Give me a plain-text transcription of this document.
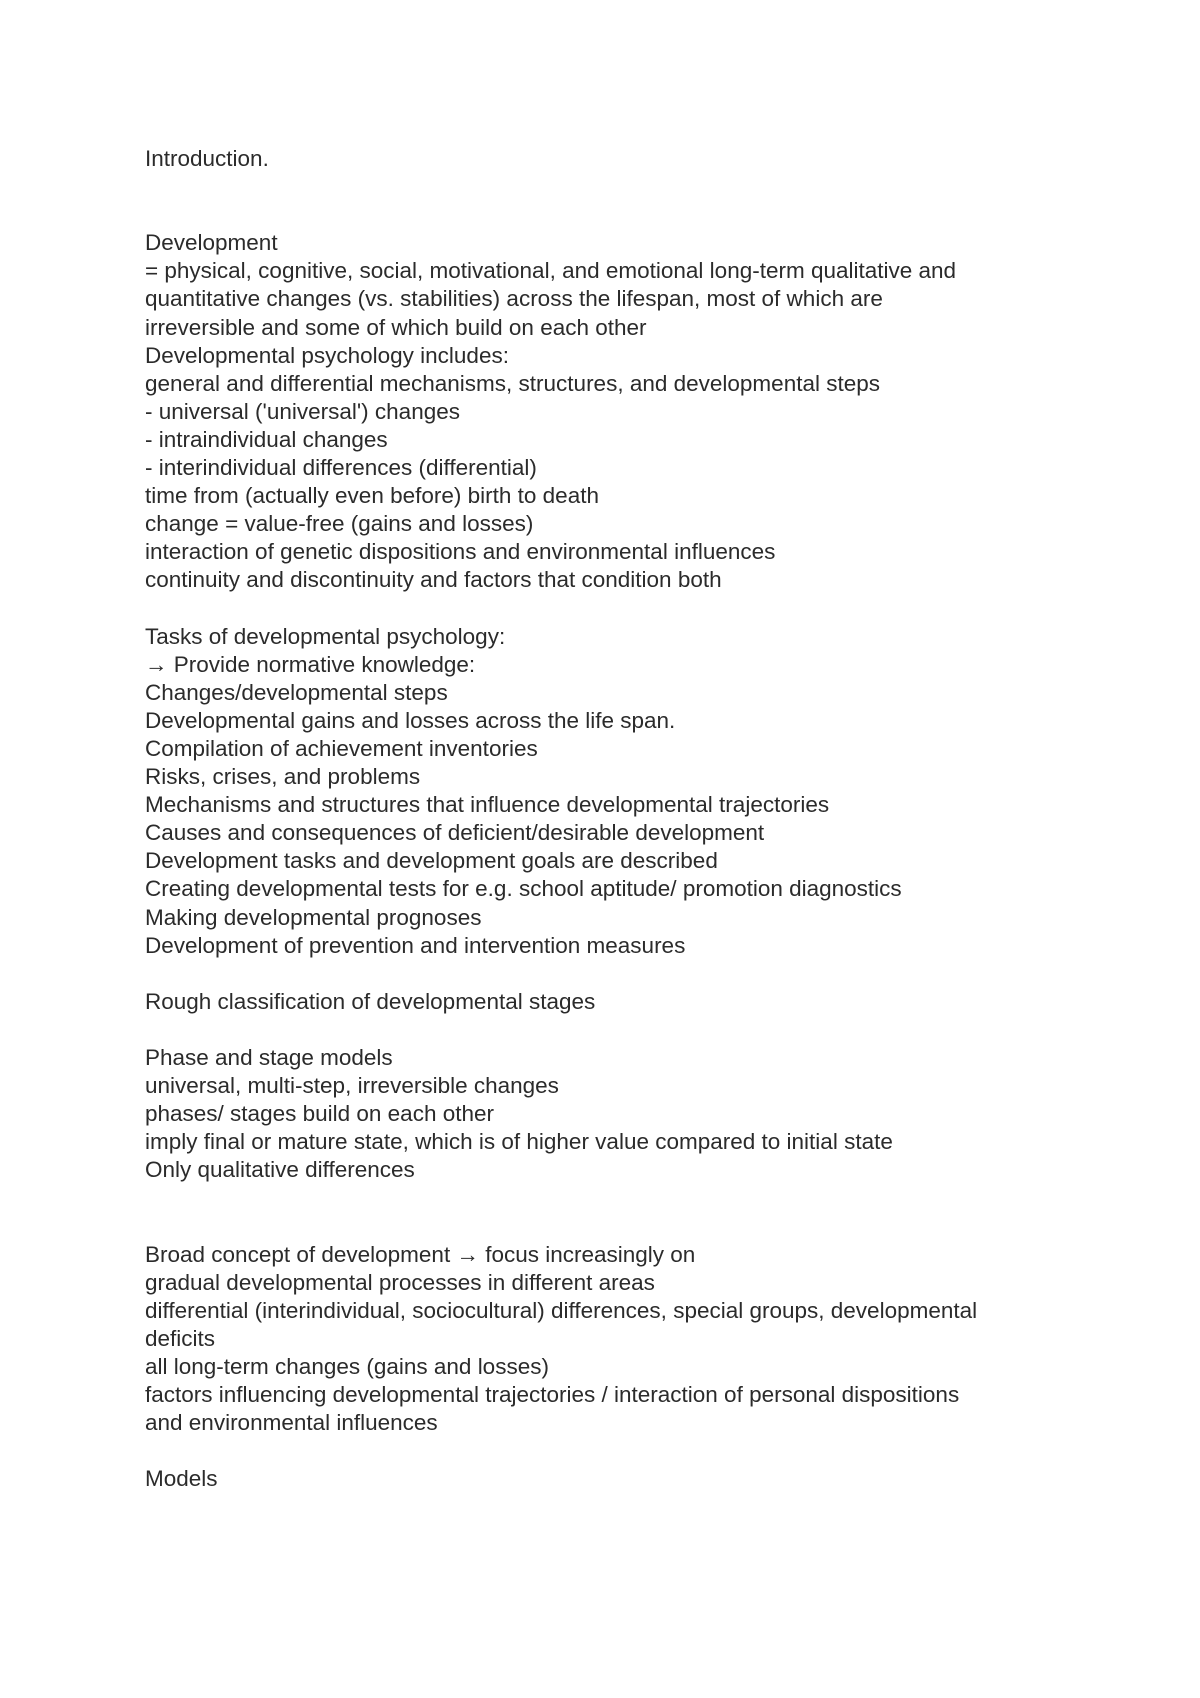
Introduction.

Development

= physical, cognitive, social, motivational, and emotional long-term qualitative and

quantitative changes (vs. stabilities) across the lifespan, most of which are

irreversible and some of which build on each other

Developmental psychology includes:

general and differential mechanisms, structures, and developmental steps

- universal ('universal') changes

- intraindividual changes

- interindividual differences (differential)

time from (actually even before) birth to death

change = value-free (gains and losses)

interaction of genetic dispositions and environmental influences

continuity and discontinuity and factors that condition both

Tasks of developmental psychology:

→ Provide normative knowledge:

Changes/developmental steps

Developmental gains and losses across the life span.

Compilation of achievement inventories

Risks, crises, and problems

Mechanisms and structures that influence developmental trajectories

Causes and consequences of deficient/desirable development

Development tasks and development goals are described

Creating developmental tests for e.g. school aptitude/ promotion diagnostics

Making developmental prognoses

Development of prevention and intervention measures

Rough classification of developmental stages

Phase and stage models

universal, multi-step, irreversible changes

phases/ stages build on each other

imply final or mature state, which is of higher value compared to initial state

Only qualitative differences

Broad concept of development → focus increasingly on

gradual developmental processes in different areas

differential (interindividual, sociocultural) differences, special groups, developmental

deficits

all long-term changes (gains and losses)

factors influencing developmental trajectories / interaction of personal dispositions

and environmental influences

Models
